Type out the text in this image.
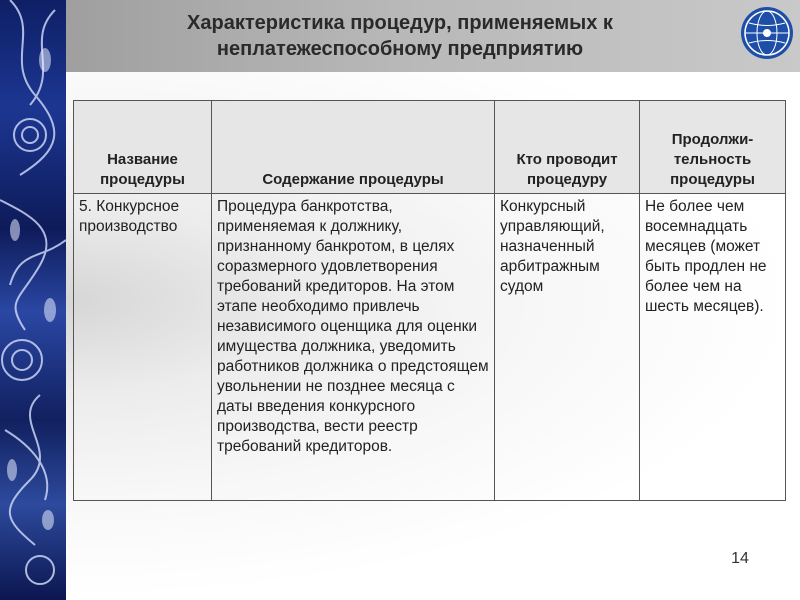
Характеристика процедур, применяемых к
неплатежеспособному предприятию
Название процедуры	Содержание процедуры	Кто проводит процедуру	Продолжи-тельность процедуры
5. Конкурсное производство	Процедура банкротства, применяемая к должнику, признанному банкротом, в целях соразмерного удовлетворения требований кредиторов. На этом этапе необходимо привлечь независимого оценщика для оценки имущества должника, уведомить работников должника о предстоящем увольнении не позднее месяца с даты введения конкурсного производства, вести реестр требований кредиторов.	Конкурсный управляющий, назначенный арбитражным судом	Не более чем восемнадцать месяцев (может быть продлен не более чем на шесть месяцев).
14
